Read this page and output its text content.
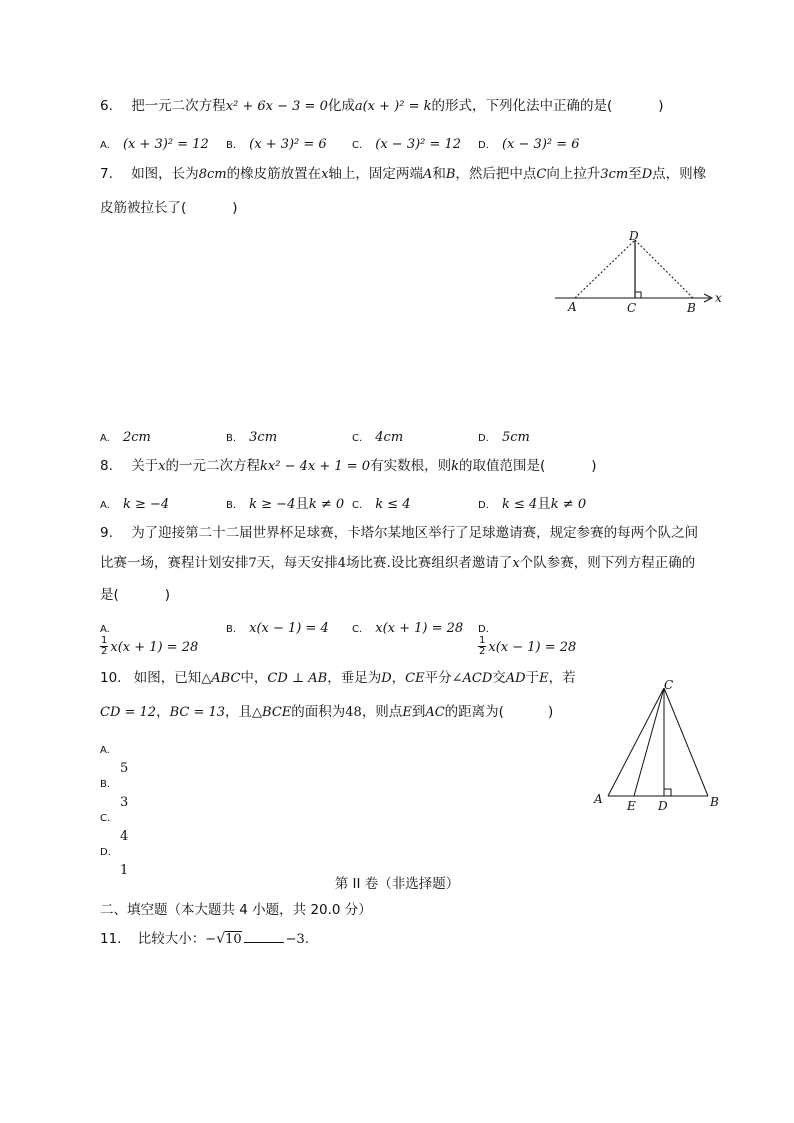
6. 把一元二次方程x² + 6x − 3 = 0化成a(x + )² = k的形式，下列化法中正确的是(	)
A. (x + 3)² = 12 B. (x + 3)² = 6	C. (x − 3)² = 12 D. (x − 3)² = 6
7. 如图，长为8cm的橡皮筋放置在x轴上，固定两端A和B，然后把中点C向上拉升3cm至D点，则橡
皮筋被拉长了(	)
D
A	C	B
x
A. 2cm	B. 3cm	C. 4cm	D. 5cm
8. 关于x的一元二次方程kx² − 4x + 1 = 0有实数根，则k的取值范围是(	)
A. k ≥ −4	B. k ≥ −4且k ≠ 0 C. k ≤ 4	D. k ≤ 4且k ≠ 0
9. 为了迎接第二十二届世界杯足球赛，卡塔尔某地区举行了足球邀请赛，规定参赛的每两个队之间
比赛一场，赛程计划安排7天，每天安排4场比赛.设比赛组织者邀请了x个队参赛，则下列方程正确的
是(	)
A.

$\frac{1}{2} x(x + 1) = 28$
B. x(x − 1) = 4 C. x(x + 1) = 28 D.

$\frac{1}{2} x(x - 1) = 28$
10. 如图，已知△ABC中，CD ⊥ AB，垂足为D，CE平分∠ACD交AD于E，若
CD = 12，BC = 13，且△BCE的面积为48，则点E到AC的距离为(	)
C
A E D	B
A.
5
B.
3
C.
4
D.
1
第 II 卷（非选择题）
二、填空题（本大题共 4 小题，共 20.0 分）
11. 比较大小：−√10	−3.
